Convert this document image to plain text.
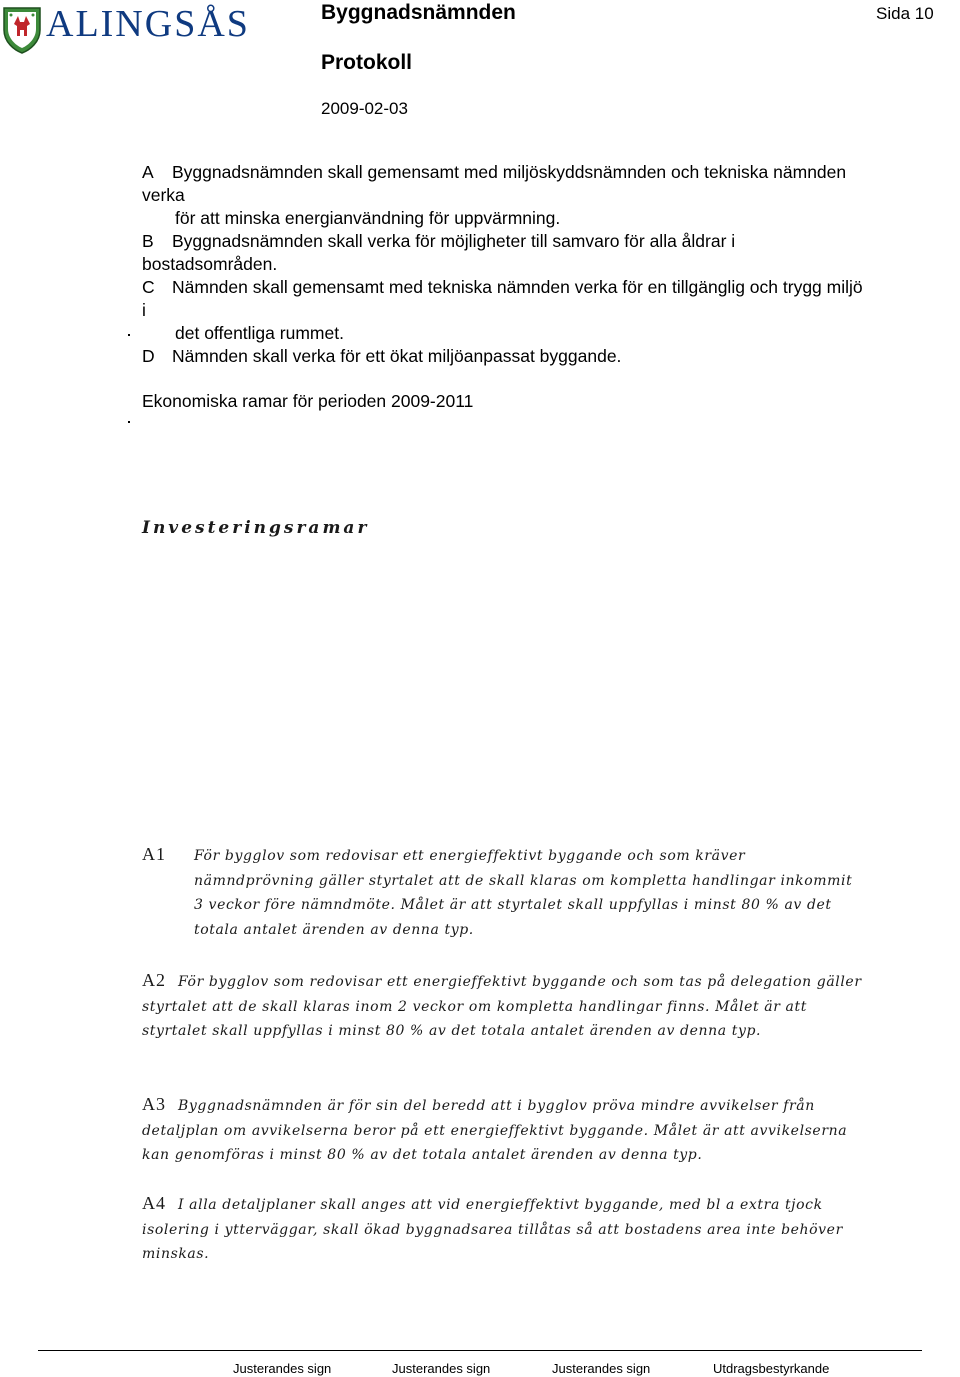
ALINGSÅS	Byggnadsnämnden	Sida 10
Protokoll
2009-02-03
A Byggnadsnämnden skall gemensamt med miljöskyddsnämnden och tekniska nämnden
verka
för att minska energianvändning för uppvärmning.
B Byggnadsnämnden skall verka för möjligheter till samvaro för alla åldrar i
bostadsområden.
C Nämnden skall gemensamt med tekniska nämnden verka för en tillgänglig och trygg miljö
i
det offentliga rummet.
D Nämnden skall verka för ett ökat miljöanpassat byggande.
Ekonomiska ramar för perioden 2009-2011
Investeringsramar
A1	För bygglov som redovisar ett energieffektivt byggande och som kräver nämndprövning gäller styrtalet att de skall klaras om kompletta handlingar inkommit 3 veckor före nämndmöte. Målet är att styrtalet skall uppfyllas i minst 80 % av det totala antalet ärenden av denna typ.
A2 För bygglov som redovisar ett energieffektivt byggande och som tas på delegation gäller styrtalet att de skall klaras inom 2 veckor om kompletta handlingar finns. Målet är att styrtalet skall uppfyllas i minst 80 % av det totala antalet ärenden av denna typ.
A3 Byggnadsnämnden är för sin del beredd att i bygglov pröva mindre avvikelser från detaljplan om avvikelserna beror på ett energieffektivt byggande. Målet är att avvikelserna kan genomföras i minst 80 % av det totala antalet ärenden av denna typ.
A4 I alla detaljplaner skall anges att vid energieffektivt byggande, med bl a extra tjock isolering i ytterväggar, skall ökad byggnadsarea tillåtas så att bostadens area inte behöver minskas.
Justerandes sign	Justerandes sign	Justerandes sign	Utdragsbestyrkande
